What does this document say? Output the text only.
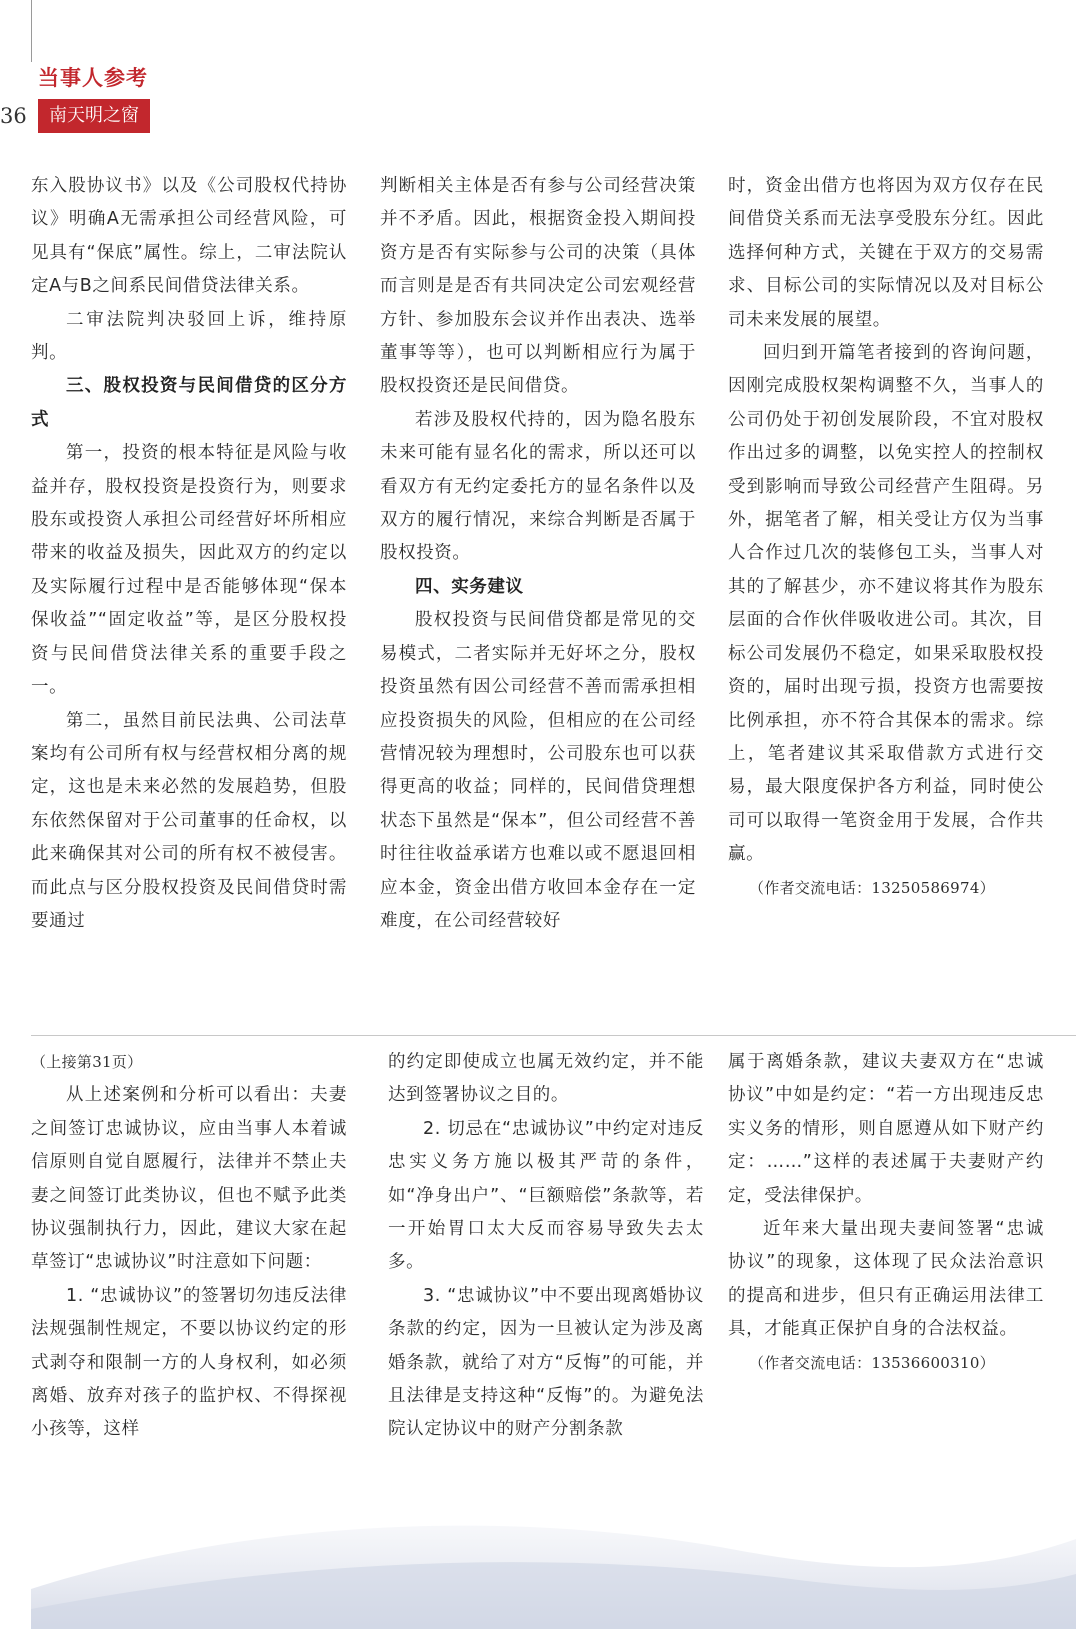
当事人参考
36	南天明之窗

东入股协议书》以及《公司股权代持协议》明确A无需承担公司经营风险，可见具有“保底”属性。综上，二审法院认定A与B之间系民间借贷法律关系。

二审法院判决驳回上诉，维持原判。

三、股权投资与民间借贷的区分方式

第一，投资的根本特征是风险与收益并存，股权投资是投资行为，则要求股东或投资人承担公司经营好坏所相应带来的收益及损失，因此双方的约定以及实际履行过程中是否能够体现“保本保收益”“固定收益”等，是区分股权投资与民间借贷法律关系的重要手段之一。

第二，虽然目前民法典、公司法草案均有公司所有权与经营权相分离的规定，这也是未来必然的发展趋势，但股东依然保留对于公司董事的任命权，以此来确保其对公司的所有权不被侵害。而此点与区分股权投资及民间借贷时需要通过

判断相关主体是否有参与公司经营决策并不矛盾。因此，根据资金投入期间投资方是否有实际参与公司的决策（具体而言则是是否有共同决定公司宏观经营方针、参加股东会议并作出表决、选举董事等等），也可以判断相应行为属于股权投资还是民间借贷。

若涉及股权代持的，因为隐名股东未来可能有显名化的需求，所以还可以看双方有无约定委托方的显名条件以及双方的履行情况，来综合判断是否属于股权投资。

四、实务建议

股权投资与民间借贷都是常见的交易模式，二者实际并无好坏之分，股权投资虽然有因公司经营不善而需承担相应投资损失的风险，但相应的在公司经营情况较为理想时，公司股东也可以获得更高的收益；同样的，民间借贷理想状态下虽然是“保本”，但公司经营不善时往往收益承诺方也难以或不愿退回相应本金，资金出借方收回本金存在一定难度，在公司经营较好

时，资金出借方也将因为双方仅存在民间借贷关系而无法享受股东分红。因此选择何种方式，关键在于双方的交易需求、目标公司的实际情况以及对目标公司未来发展的展望。

回归到开篇笔者接到的咨询问题，因刚完成股权架构调整不久，当事人的公司仍处于初创发展阶段，不宜对股权作出过多的调整，以免实控人的控制权受到影响而导致公司经营产生阻碍。另外，据笔者了解，相关受让方仅为当事人合作过几次的装修包工头，当事人对其的了解甚少，亦不建议将其作为股东层面的合作伙伴吸收进公司。其次，目标公司发展仍不稳定，如果采取股权投资的，届时出现亏损，投资方也需要按比例承担，亦不符合其保本的需求。综上，笔者建议其采取借款方式进行交易，最大限度保护各方利益，同时使公司可以取得一笔资金用于发展，合作共赢。

（作者交流电话：13250586974）

（上接第31页）

从上述案例和分析可以看出：夫妻之间签订忠诚协议，应由当事人本着诚信原则自觉自愿履行，法律并不禁止夫妻之间签订此类协议，但也不赋予此类协议强制执行力，因此，建议大家在起草签订“忠诚协议”时注意如下问题：

1. “忠诚协议”的签署切勿违反法律法规强制性规定，不要以协议约定的形式剥夺和限制一方的人身权利，如必须离婚、放弃对孩子的监护权、不得探视小孩等，这样

的约定即使成立也属无效约定，并不能达到签署协议之目的。

2. 切忌在“忠诚协议”中约定对违反忠实义务方施以极其严苛的条件，如“净身出户”、“巨额赔偿”条款等，若一开始胃口太大反而容易导致失去太多。

3. “忠诚协议”中不要出现离婚协议条款的约定，因为一旦被认定为涉及离婚条款，就给了对方“反悔”的可能，并且法律是支持这种“反悔”的。为避免法院认定协议中的财产分割条款

属于离婚条款，建议夫妻双方在“忠诚协议”中如是约定：“若一方出现违反忠实义务的情形，则自愿遵从如下财产约定：……”这样的表述属于夫妻财产约定，受法律保护。

近年来大量出现夫妻间签署“忠诚协议”的现象，这体现了民众法治意识的提高和进步，但只有正确运用法律工具，才能真正保护自身的合法权益。

（作者交流电话：13536600310）
